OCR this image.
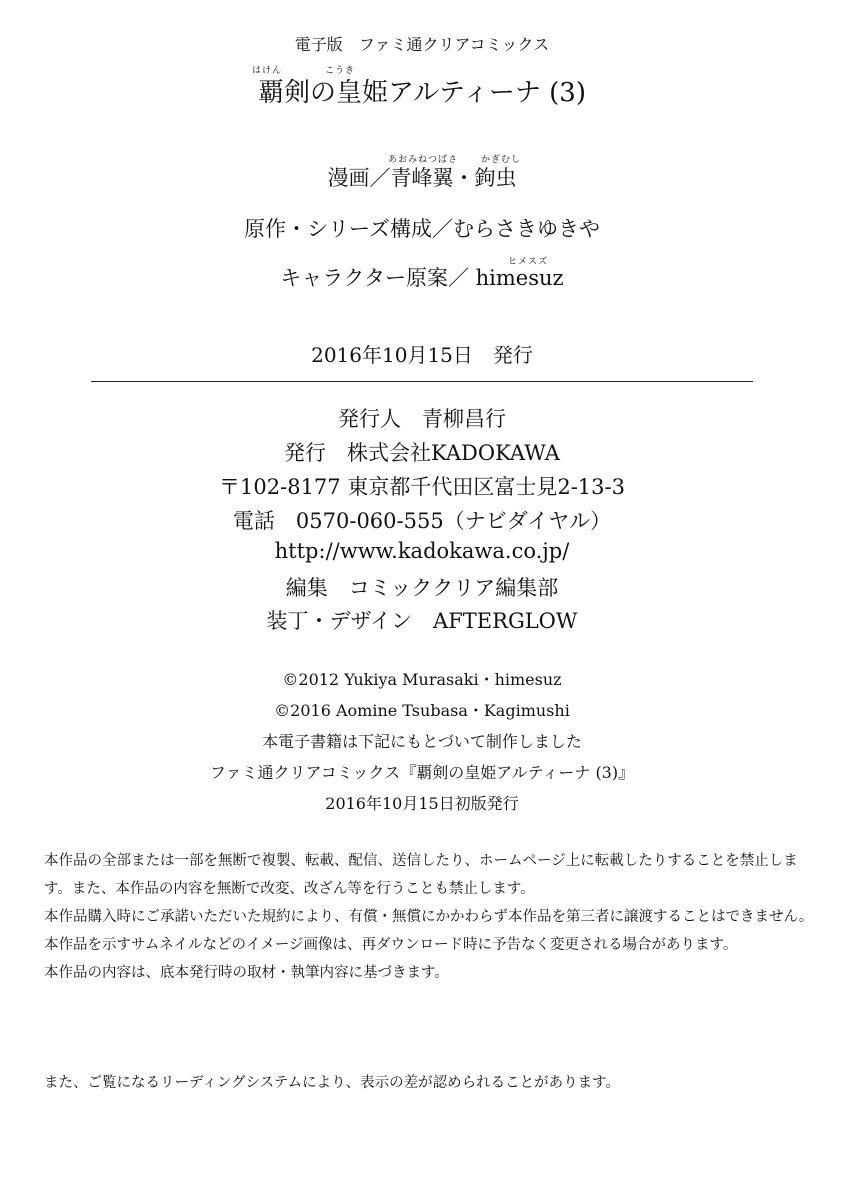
電子版　ファミ通クリアコミックス
はけん	こうき
覇剣の皇姫アルティーナ (3)
あおみねつばさ	かぎむし
漫画／青峰翼・鉤虫
原作・シリーズ構成／むらさきゆきや
ヒメスズ
キャラクター原案／ himesuz
2016年10月15日　発行
発行人　青柳昌行
発行　株式会社KADOKAWA
〒102-8177 東京都千代田区富士見2-13-3
電話　0570-060-555（ナビダイヤル）
http://www.kadokawa.co.jp/
編集　コミッククリア編集部
装丁・デザイン　AFTERGLOW
©2012 Yukiya Murasaki・himesuz
©2016 Aomine Tsubasa・Kagimushi
本電子書籍は下記にもとづいて制作しました
ファミ通クリアコミックス『覇剣の皇姫アルティーナ (3)』
2016年10月15日初版発行

本作品の全部または一部を無断で複製、転載、配信、送信したり、ホームページ上に転載したりすることを禁止します。また、本作品の内容を無断で改変、改ざん等を行うことも禁止します。

本作品購入時にご承諾いただいた規約により、有償・無償にかかわらず本作品を第三者に譲渡することはできません。

本作品を示すサムネイルなどのイメージ画像は、再ダウンロード時に予告なく変更される場合があります。

本作品の内容は、底本発行時の取材・執筆内容に基づきます。

また、ご覧になるリーディングシステムにより、表示の差が認められることがあります。
